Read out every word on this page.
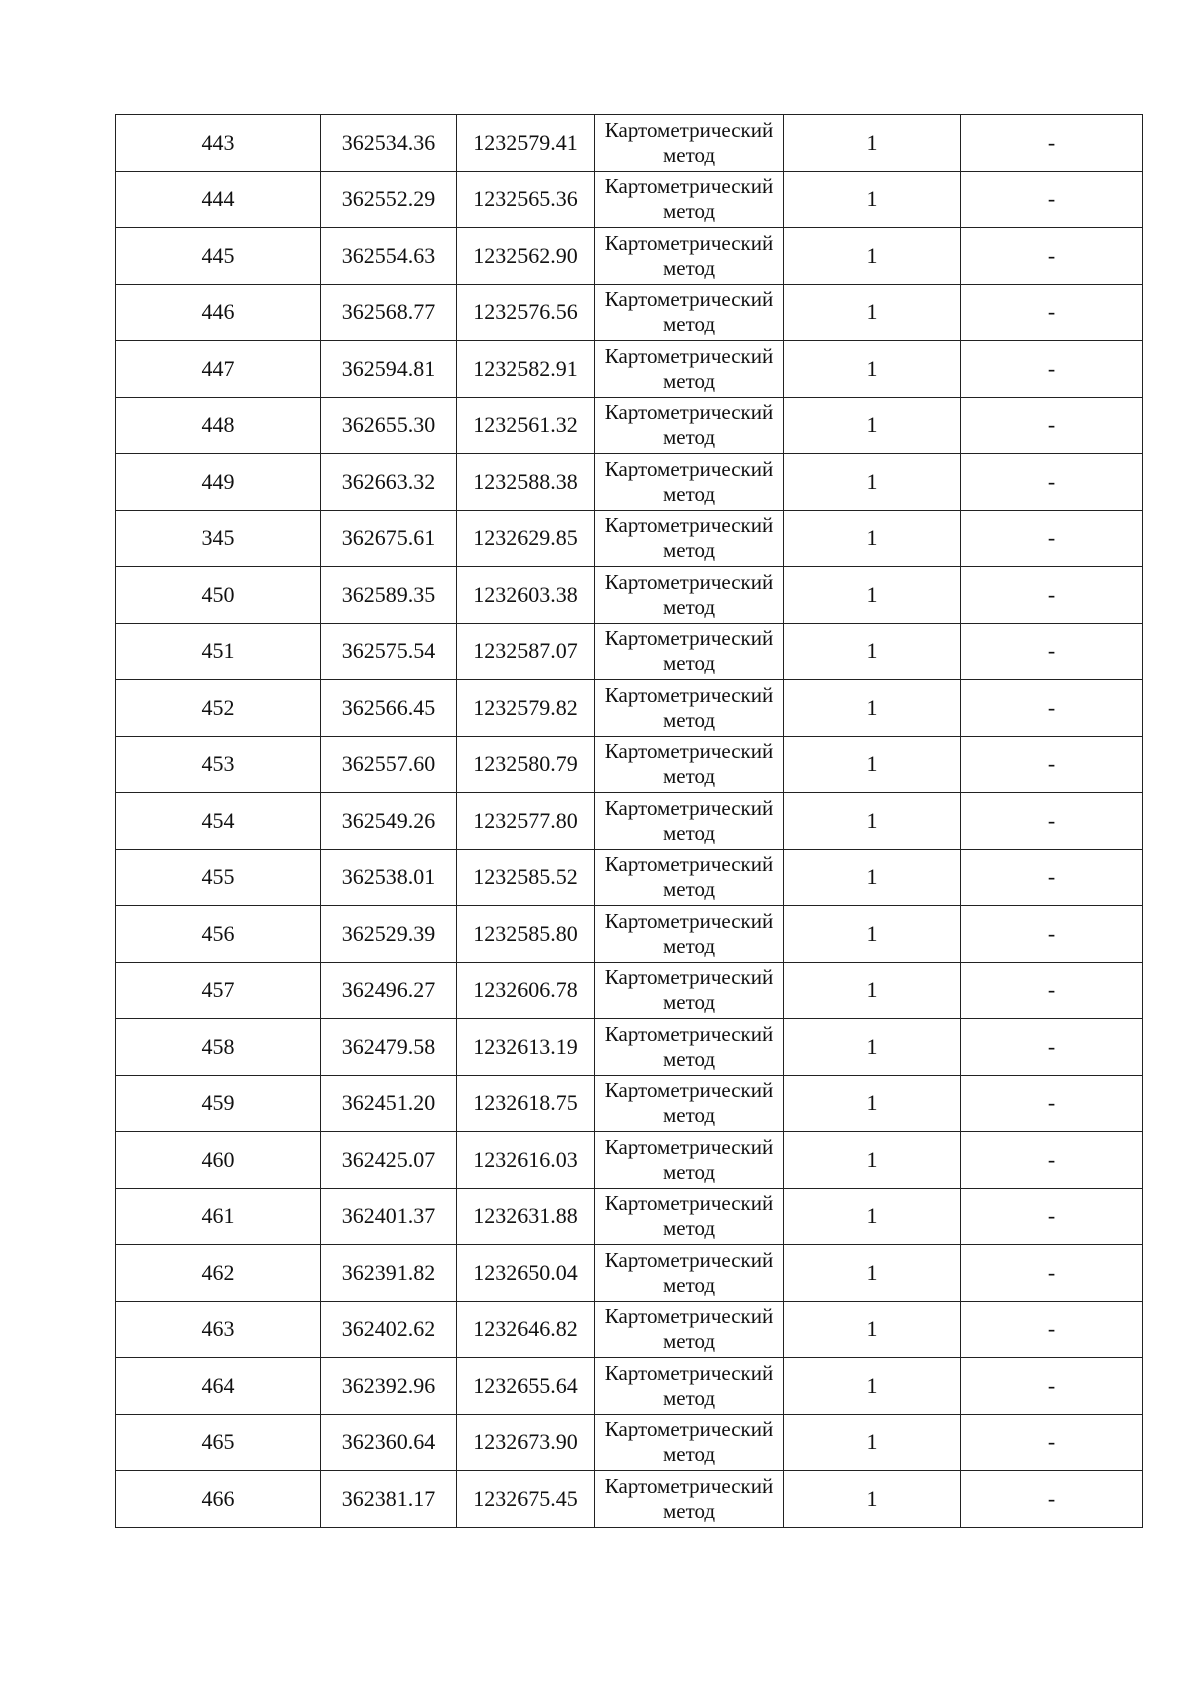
443	362534.36	1232579.41	Картометрический метод	1	-
444	362552.29	1232565.36	Картометрический метод	1	-
445	362554.63	1232562.90	Картометрический метод	1	-
446	362568.77	1232576.56	Картометрический метод	1	-
447	362594.81	1232582.91	Картометрический метод	1	-
448	362655.30	1232561.32	Картометрический метод	1	-
449	362663.32	1232588.38	Картометрический метод	1	-
345	362675.61	1232629.85	Картометрический метод	1	-
450	362589.35	1232603.38	Картометрический метод	1	-
451	362575.54	1232587.07	Картометрический метод	1	-
452	362566.45	1232579.82	Картометрический метод	1	-
453	362557.60	1232580.79	Картометрический метод	1	-
454	362549.26	1232577.80	Картометрический метод	1	-
455	362538.01	1232585.52	Картометрический метод	1	-
456	362529.39	1232585.80	Картометрический метод	1	-
457	362496.27	1232606.78	Картометрический метод	1	-
458	362479.58	1232613.19	Картометрический метод	1	-
459	362451.20	1232618.75	Картометрический метод	1	-
460	362425.07	1232616.03	Картометрический метод	1	-
461	362401.37	1232631.88	Картометрический метод	1	-
462	362391.82	1232650.04	Картометрический метод	1	-
463	362402.62	1232646.82	Картометрический метод	1	-
464	362392.96	1232655.64	Картометрический метод	1	-
465	362360.64	1232673.90	Картометрический метод	1	-
466	362381.17	1232675.45	Картометрический метод	1	-
